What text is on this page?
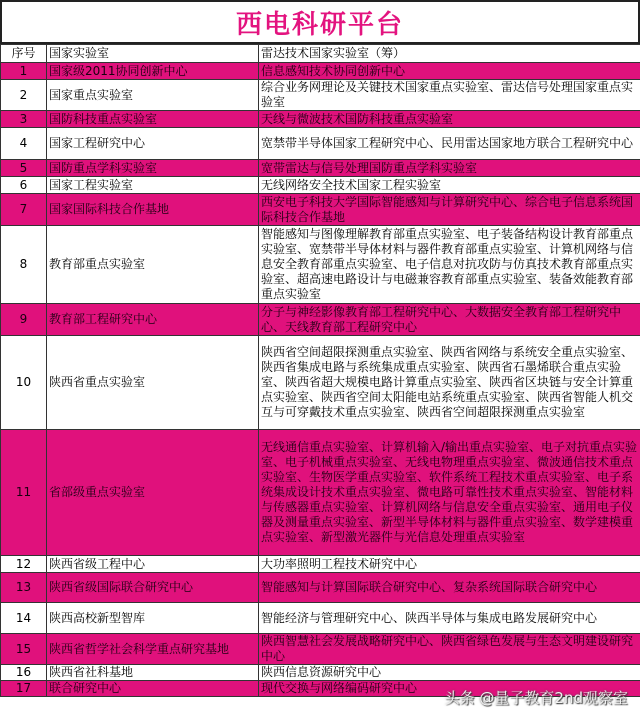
西电科研平台
序号	国家实验室	雷达技术国家实验室（筹）
1	国家级2011协同创新中心	信息感知技术协同创新中心
2	国家重点实验室	综合业务网理论及关键技术国家重点实验室、雷达信号处理国家重点实验室
3	国防科技重点实验室	天线与微波技术国防科技重点实验室
4	国家工程研究中心	宽禁带半导体国家工程研究中心、民用雷达国家地方联合工程研究中心
5	国防重点学科实验室	宽带雷达与信号处理国防重点学科实验室
6	国家工程实验室	无线网络安全技术国家工程实验室
7	国家国际科技合作基地	西安电子科技大学国际智能感知与计算研究中心、综合电子信息系统国际科技合作基地
8	教育部重点实验室	智能感知与图像理解教育部重点实验室、电子装备结构设计教育部重点实验室、宽禁带半导体材料与器件教育部重点实验室、计算机网络与信息安全教育部重点实验室、电子信息对抗攻防与仿真技术教育部重点实验室、超高速电路设计与电磁兼容教育部重点实验室、装备效能教育部重点实验室
9	教育部工程研究中心	分子与神经影像教育部工程研究中心、大数据安全教育部工程研究中心、天线教育部工程研究中心
10	陕西省重点实验室	陕西省空间超限探测重点实验室、陕西省网络与系统安全重点实验室、陕西省集成电路与系统集成重点实验室、陕西省石墨烯联合重点实验室、陕西省超大规模电路计算重点实验室、陕西省区块链与安全计算重点实验室、陕西省空间太阳能电站系统重点实验室、陕西省智能人机交互与可穿戴技术重点实验室、陕西省空间超限探测重点实验室
11	省部级重点实验室	无线通信重点实验室、计算机输入/输出重点实验室、电子对抗重点实验室、电子机械重点实验室、无线电物理重点实验室、微波通信技术重点实验室、生物医学重点实验室、软件系统工程技术重点实验室、电子系统集成设计技术重点实验室、微电路可靠性技术重点实验室、智能材料与传感器重点实验室、计算机网络与信息安全重点实验室、通用电子仪器及测量重点实验室、新型半导体材料与器件重点实验室、数学建模重点实验室、新型激光器件与光信息处理重点实验室
12	陕西省级工程中心	大功率照明工程技术研究中心
13	陕西省级国际联合研究中心	智能感知与计算国际联合研究中心、复杂系统国际联合研究中心
14	陕西高校新型智库	智能经济与管理研究中心、陕西半导体与集成电路发展研究中心
15	陕西省哲学社会科学重点研究基地	陕西智慧社会发展战略研究中心、陕西省绿色发展与生态文明建设研究中心
16	陕西省社科基地	陕西信息资源研究中心
17	联合研究中心	现代交换与网络编码研究中心
头条 @量子教育2nd观察室
